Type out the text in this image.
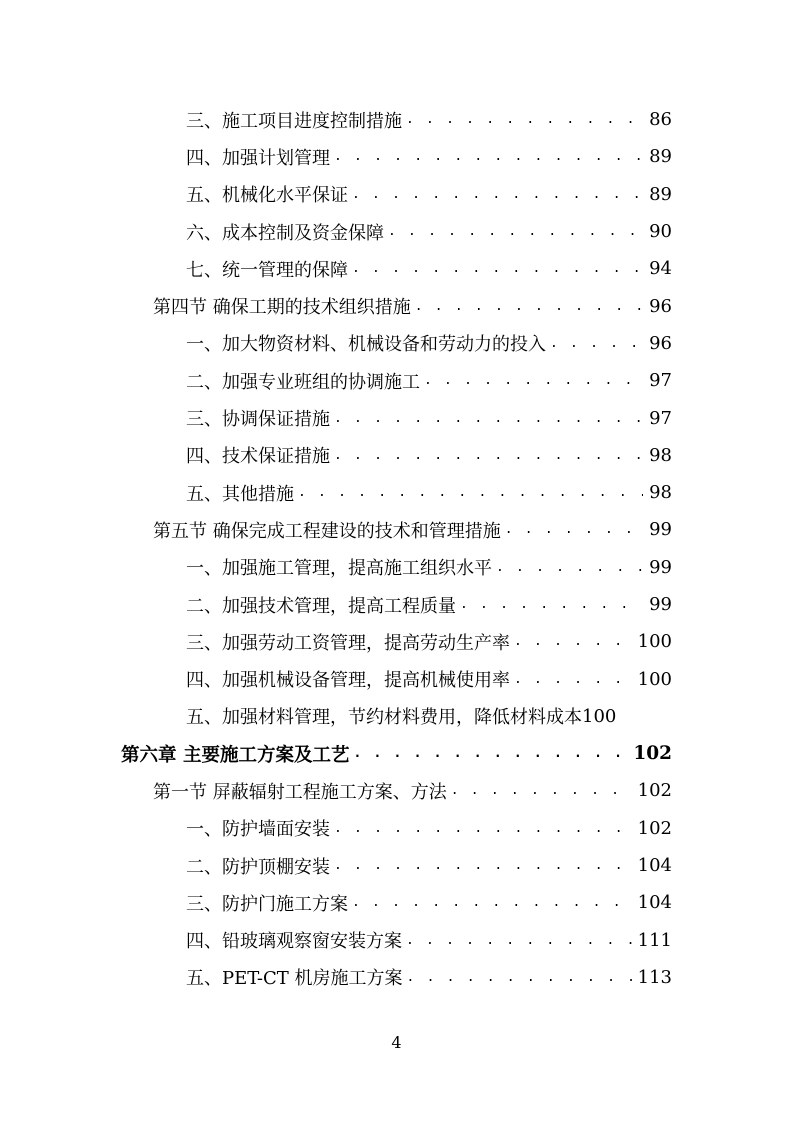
三、施工项目进度控制措施 . . .	86
四、加强计划管理 . . .	89
五、机械化水平保证 . . .	89
六、成本控制及资金保障 . . .	90
七、统一管理的保障 . . .	94
第四节 确保工期的技术组织措施 . . .	96
一、加大物资材料、机械设备和劳动力的投入 . . .	96
二、加强专业班组的协调施工 . . .	97
三、协调保证措施 . . .	97
四、技术保证措施 . . .	98
五、其他措施 . . .	98
第五节 确保完成工程建设的技术和管理措施 . . .	99
一、加强施工管理，提高施工组织水平 . . .	99
二、加强技术管理，提高工程质量 . . .	99
三、加强劳动工资管理，提高劳动生产率 . . .	100
四、加强机械设备管理，提高机械使用率 . . .	100
五、加强材料管理，节约材料费用，降低材料成本 100
第六章 主要施工方案及工艺 . . .	102
第一节 屏蔽辐射工程施工方案、方法 . . .	102
一、防护墙面安装 . . .	102
二、防护顶棚安装 . . .	104
三、防护门施工方案 . . .	104
四、铅玻璃观察窗安装方案 . . .	111
五、PET-CT 机房施工方案 . . .	113
4
